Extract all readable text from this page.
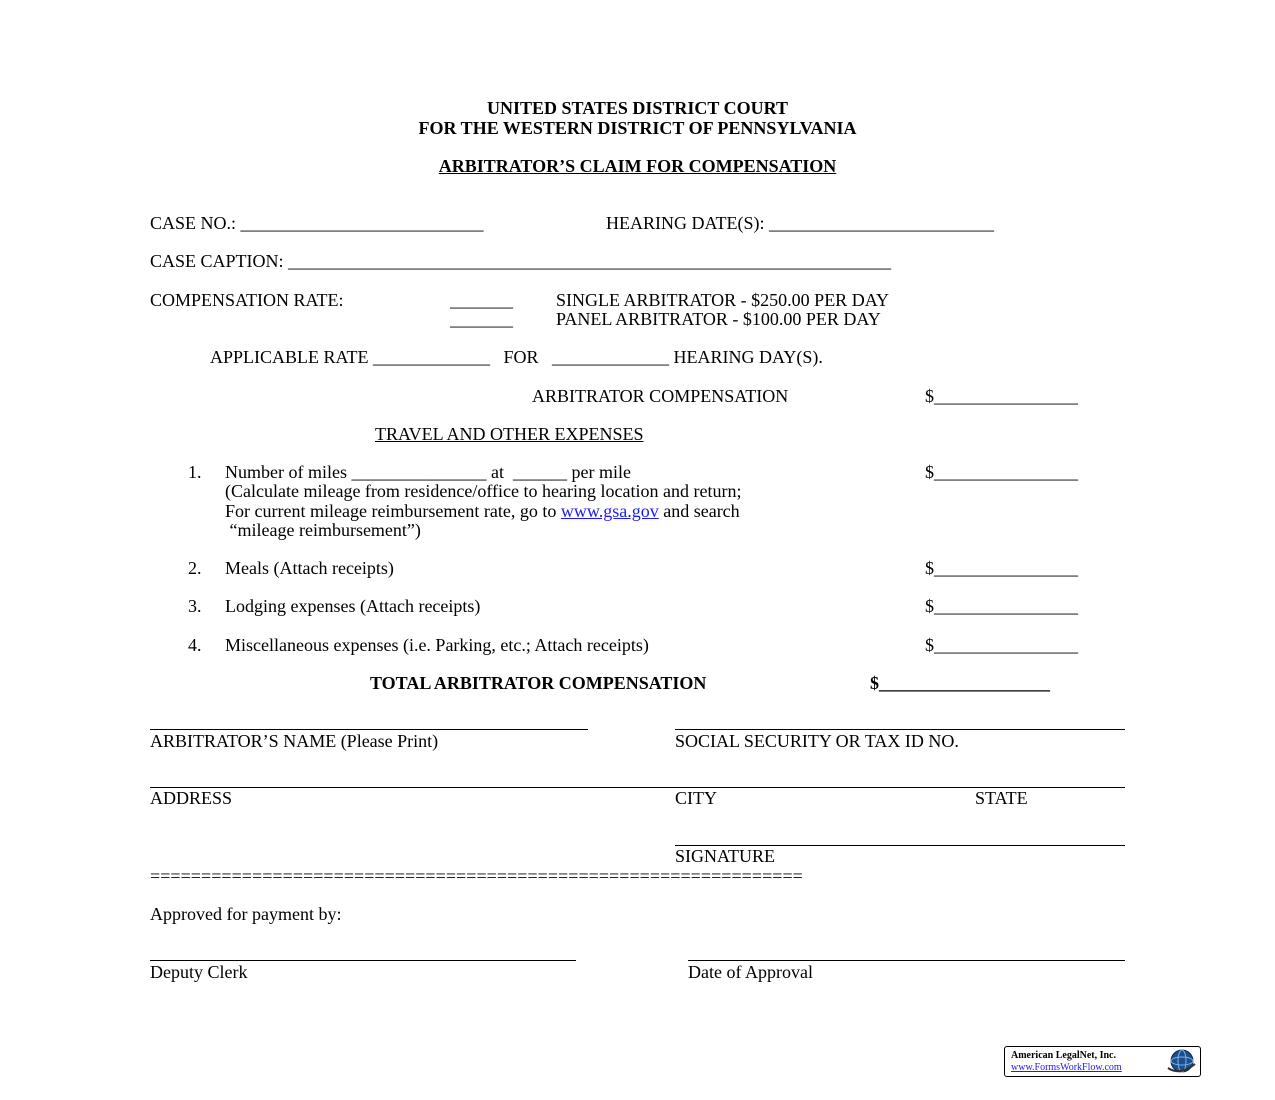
UNITED STATES DISTRICT COURT
FOR THE WESTERN DISTRICT OF PENNSYLVANIA
ARBITRATOR’S CLAIM FOR COMPENSATION
CASE NO.: ___________________________	HEARING DATE(S): _________________________
CASE CAPTION: ___________________________________________________________________
COMPENSATION RATE:	_______ SINGLE ARBITRATOR - $250.00 PER DAY
_______ PANEL ARBITRATOR - $100.00 PER DAY
APPLICABLE RATE _____________   FOR   _____________ HEARING DAY(S).
ARBITRATOR COMPENSATION	$________________
TRAVEL AND OTHER EXPENSES
1. Number of miles _______________ at  ______ per mile	$________________
(Calculate mileage from residence/office to hearing location and return;
For current mileage reimbursement rate, go to www.gsa.gov and search
“mileage reimbursement”)
2. Meals (Attach receipts)	$________________
3. Lodging expenses (Attach receipts)	$________________
4. Miscellaneous expenses (i.e. Parking, etc.; Attach receipts)	$________________
TOTAL ARBITRATOR COMPENSATION	$___________________
ARBITRATOR’S NAME (Please Print)	SOCIAL SECURITY OR TAX ID NO.
ADDRESS	CITY	STATE
SIGNATURE
================================================================
Approved for payment by:
Deputy Clerk	Date of Approval
American LegalNet, Inc.
www.FormsWorkFlow.com
